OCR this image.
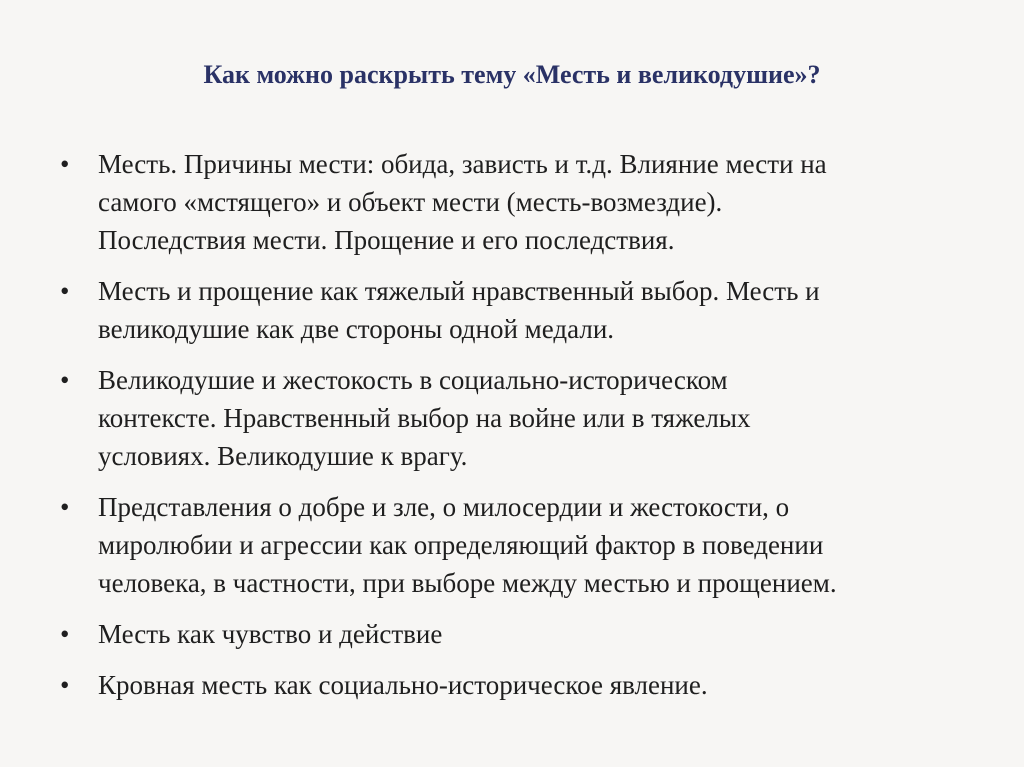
Как можно раскрыть тему «Месть и великодушие»?
•	Месть. Причины мести: обида, зависть и т.д. Влияние мести на
самого «мстящего» и объект мести (месть-возмездие).
Последствия мести. Прощение и его последствия.
•	Месть и прощение как тяжелый нравственный выбор. Месть и
великодушие как две стороны одной медали.
•	Великодушие и жестокость в социально-историческом
контексте. Нравственный выбор на войне или в тяжелых
условиях. Великодушие к врагу.
•	Представления о добре и зле, о милосердии и жестокости, о
миролюбии и агрессии как определяющий фактор в поведении
человека, в частности, при выборе между местью и прощением.
•	Месть как чувство и действие
•	Кровная месть как социально-историческое явление.
